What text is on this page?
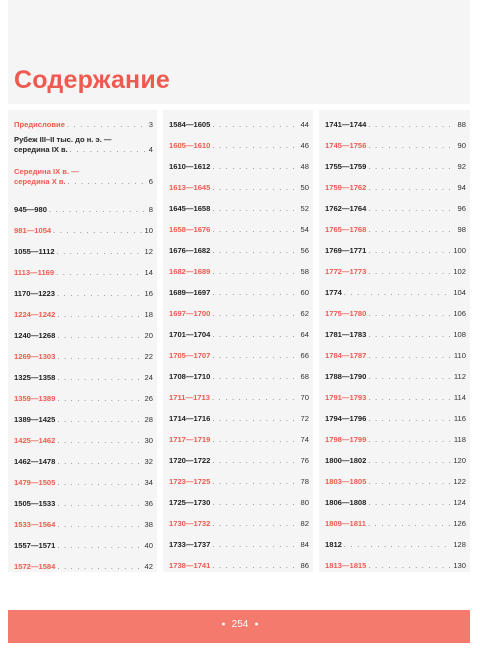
Содержание
Предисловие . . .	3
Рубеж III–II тыс. до н. э. —
середина IX в. . . .	4
Середина IX в. —
середина X в. . . .	6
945—980 . . .	8
981—1054 . . .	10
1055—1112 . . .	12
1113—1169 . . .	14
1170—1223 . . .	16
1224—1242 . . .	18
1240—1268 . . .	20
1269—1303 . . .	22
1325—1358 . . .	24
1359—1389 . . .	26
1389—1425 . . .	28
1425—1462 . . .	30
1462—1478 . . .	32
1479—1505 . . .	34
1505—1533 . . .	36
1533—1564 . . .	38
1557—1571 . . .	40
1572—1584 . . .	42
1584—1605 . . .	44
1605—1610 . . .	46
1610—1612 . . .	48
1613—1645 . . .	50
1645—1658 . . .	52
1658—1676 . . .	54
1676—1682 . . .	56
1682—1689 . . .	58
1689—1697 . . .	60
1697—1700 . . .	62
1701—1704 . . .	64
1705—1707 . . .	66
1708—1710 . . .	68
1711—1713 . . .	70
1714—1716 . . .	72
1717—1719 . . .	74
1720—1722 . . .	76
1723—1725 . . .	78
1725—1730 . . .	80
1730—1732 . . .	82
1733—1737 . . .	84
1738—1741 . . .	86
1741—1744 . . .	88
1745—1756 . . .	90
1755—1759 . . .	92
1759—1762 . . .	94
1762—1764 . . .	96
1765—1768 . . .	98
1769—1771 . . .	100
1772—1773 . . .	102
1774 . . .	104
1775—1780 . . .	106
1781—1783 . . .	108
1784—1787 . . .	110
1788—1790 . . .	112
1791—1793 . . .	114
1794—1796 . . .	116
1798—1799 . . .	118
1800—1802 . . .	120
1803—1805 . . .	122
1806—1808 . . .	124
1809—1811 . . .	126
1812 . . .	128
1813—1815 . . .	130
● 254 ●
